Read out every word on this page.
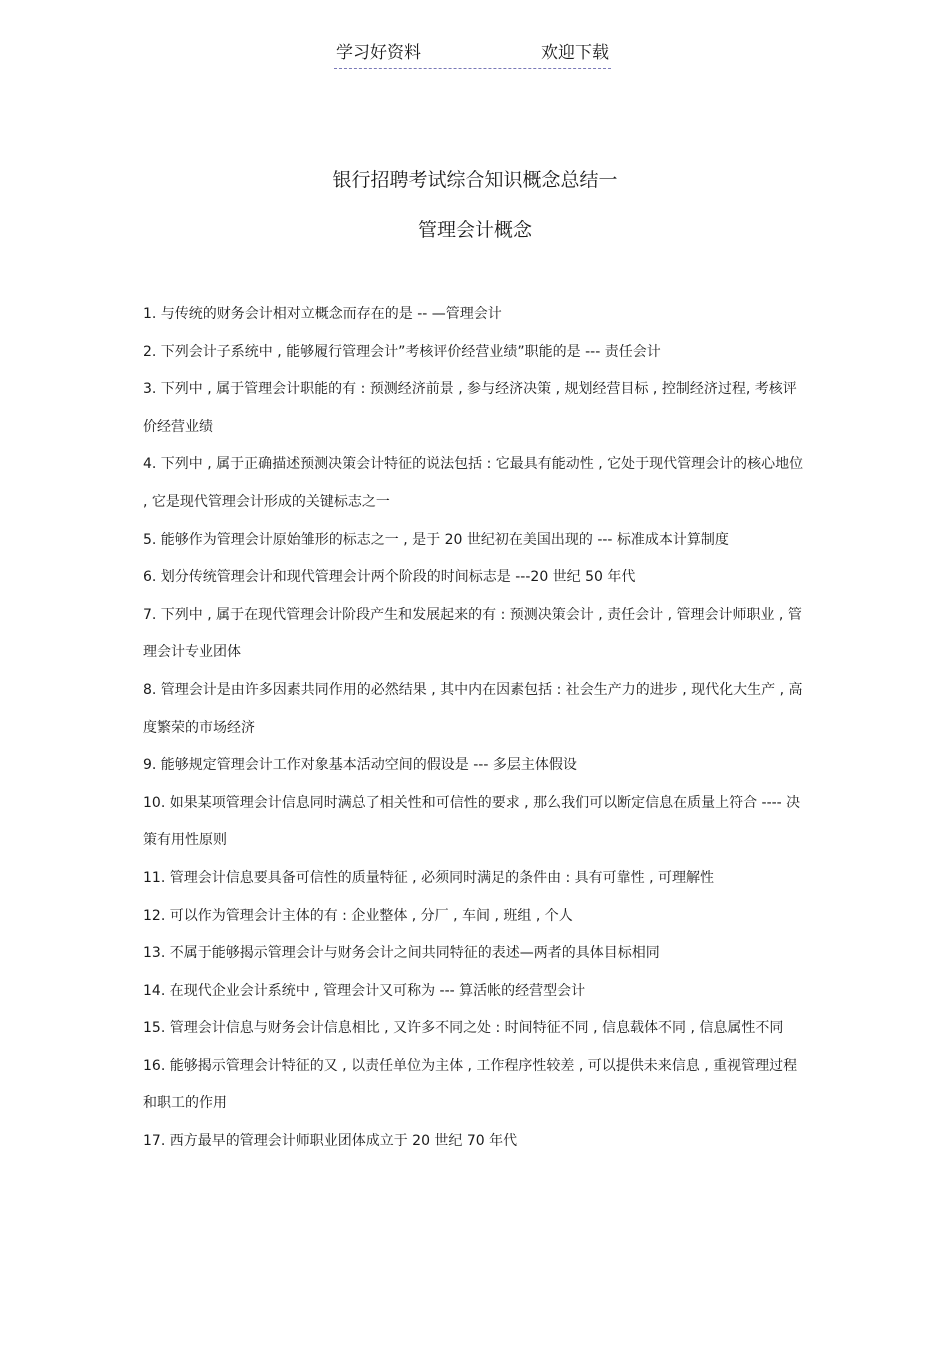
学习好资料	欢迎下载
银行招聘考试综合知识概念总结一
管理会计概念

1. 与传统的财务会计相对立概念而存在的是 -- —管理会计

2. 下列会计子系统中 , 能够履行管理会计”考核评价经营业绩”职能的是 --- 责任会计

3. 下列中 , 属于管理会计职能的有 : 预测经济前景 , 参与经济决策 , 规划经营目标 , 控制经济过程, 考核评价经营业绩

4. 下列中 , 属于正确描述预测决策会计特征的说法包括 : 它最具有能动性 , 它处于现代管理会计的核心地位 , 它是现代管理会计形成的关键标志之一

5. 能够作为管理会计原始雏形的标志之一 , 是于 20 世纪初在美国出现的 --- 标准成本计算制度

6. 划分传统管理会计和现代管理会计两个阶段的时间标志是 ---20 世纪 50 年代

7. 下列中 , 属于在现代管理会计阶段产生和发展起来的有 : 预测决策会计 , 责任会计 , 管理会计师职业 , 管理会计专业团体

8. 管理会计是由许多因素共同作用的必然结果 , 其中内在因素包括 : 社会生产力的进步 , 现代化大生产 , 高度繁荣的市场经济

9. 能够规定管理会计工作对象基本活动空间的假设是 --- 多层主体假设

10. 如果某项管理会计信息同时满总了相关性和可信性的要求 , 那么我们可以断定信息在质量上符合 ---- 决策有用性原则

11. 管理会计信息要具备可信性的质量特征 , 必须同时满足的条件由 : 具有可靠性 , 可理解性

12. 可以作为管理会计主体的有 : 企业整体 , 分厂 , 车间 , 班组 , 个人

13. 不属于能够揭示管理会计与财务会计之间共同特征的表述—两者的具体目标相同

14. 在现代企业会计系统中 , 管理会计又可称为 --- 算活帐的经营型会计

15. 管理会计信息与财务会计信息相比 , 又许多不同之处 : 时间特征不同 , 信息载体不同 , 信息属性不同

16. 能够揭示管理会计特征的又 , 以责任单位为主体 , 工作程序性较差 , 可以提供未来信息 , 重视管理过程和职工的作用

17. 西方最早的管理会计师职业团体成立于 20 世纪 70 年代
